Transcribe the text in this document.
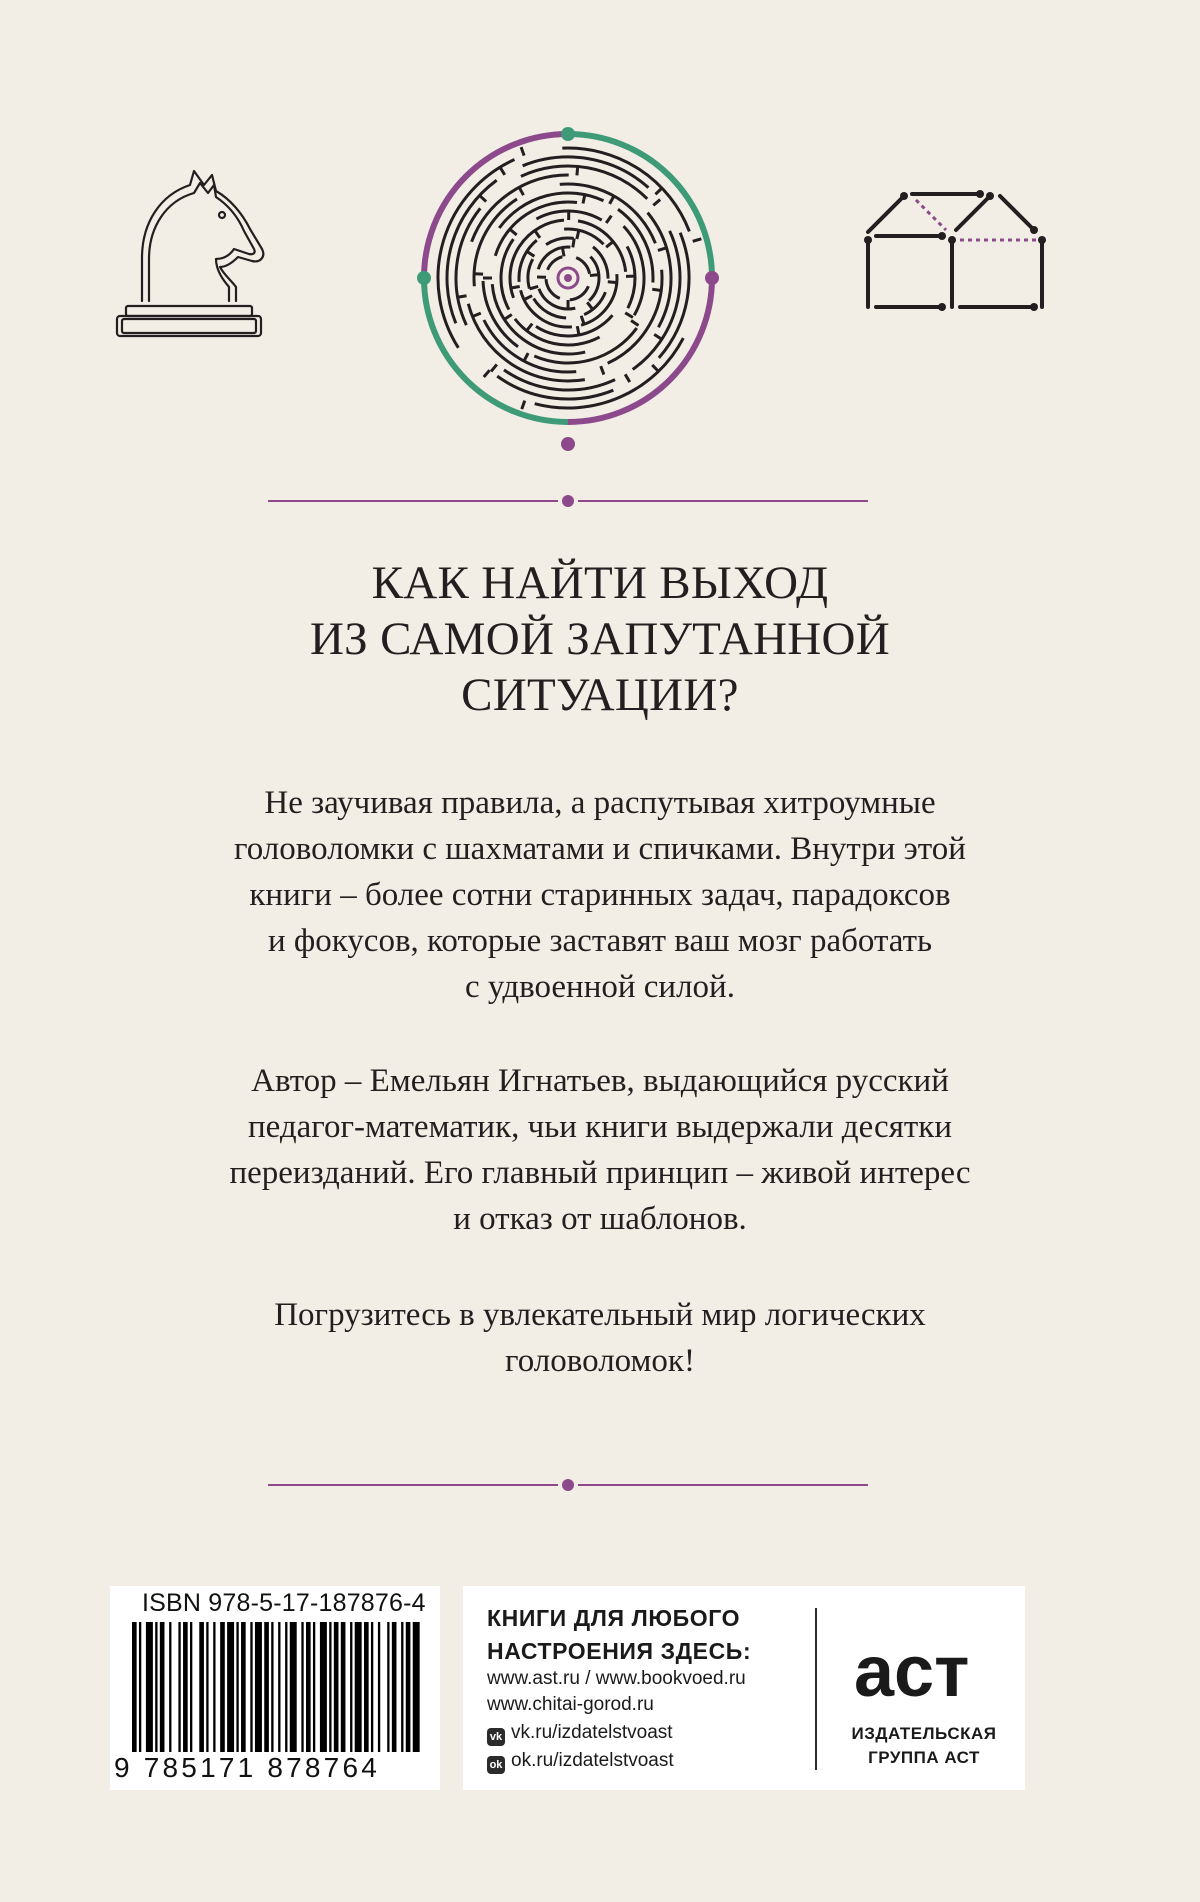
КАК НАЙТИ ВЫХОД
ИЗ САМОЙ ЗАПУТАННОЙ
СИТУАЦИИ?
Не заучивая правила, а распутывая хитроумные
головоломки с шахматами и спичками. Внутри этой
книги – более сотни старинных задач, парадоксов
и фокусов, которые заставят ваш мозг работать
с удвоенной силой.
Автор – Емельян Игнатьев, выдающийся русский
педагог-математик, чьи книги выдержали десятки
переизданий. Его главный принцип – живой интерес
и отказ от шаблонов.
Погрузитесь в увлекательный мир логических
головоломок!
ISBN 978-5-17-187876-4
9 785171 878764
КНИГИ ДЛЯ ЛЮБОГО
НАСТРОЕНИЯ ЗДЕСЬ:
www.ast.ru / www.bookvoed.ru
www.chitai-gorod.ru
vk vk.ru/izdatelstvoast
ok ok.ru/izdatelstvoast
аст
ИЗДАТЕЛЬСКАЯ
ГРУППА АСТ
